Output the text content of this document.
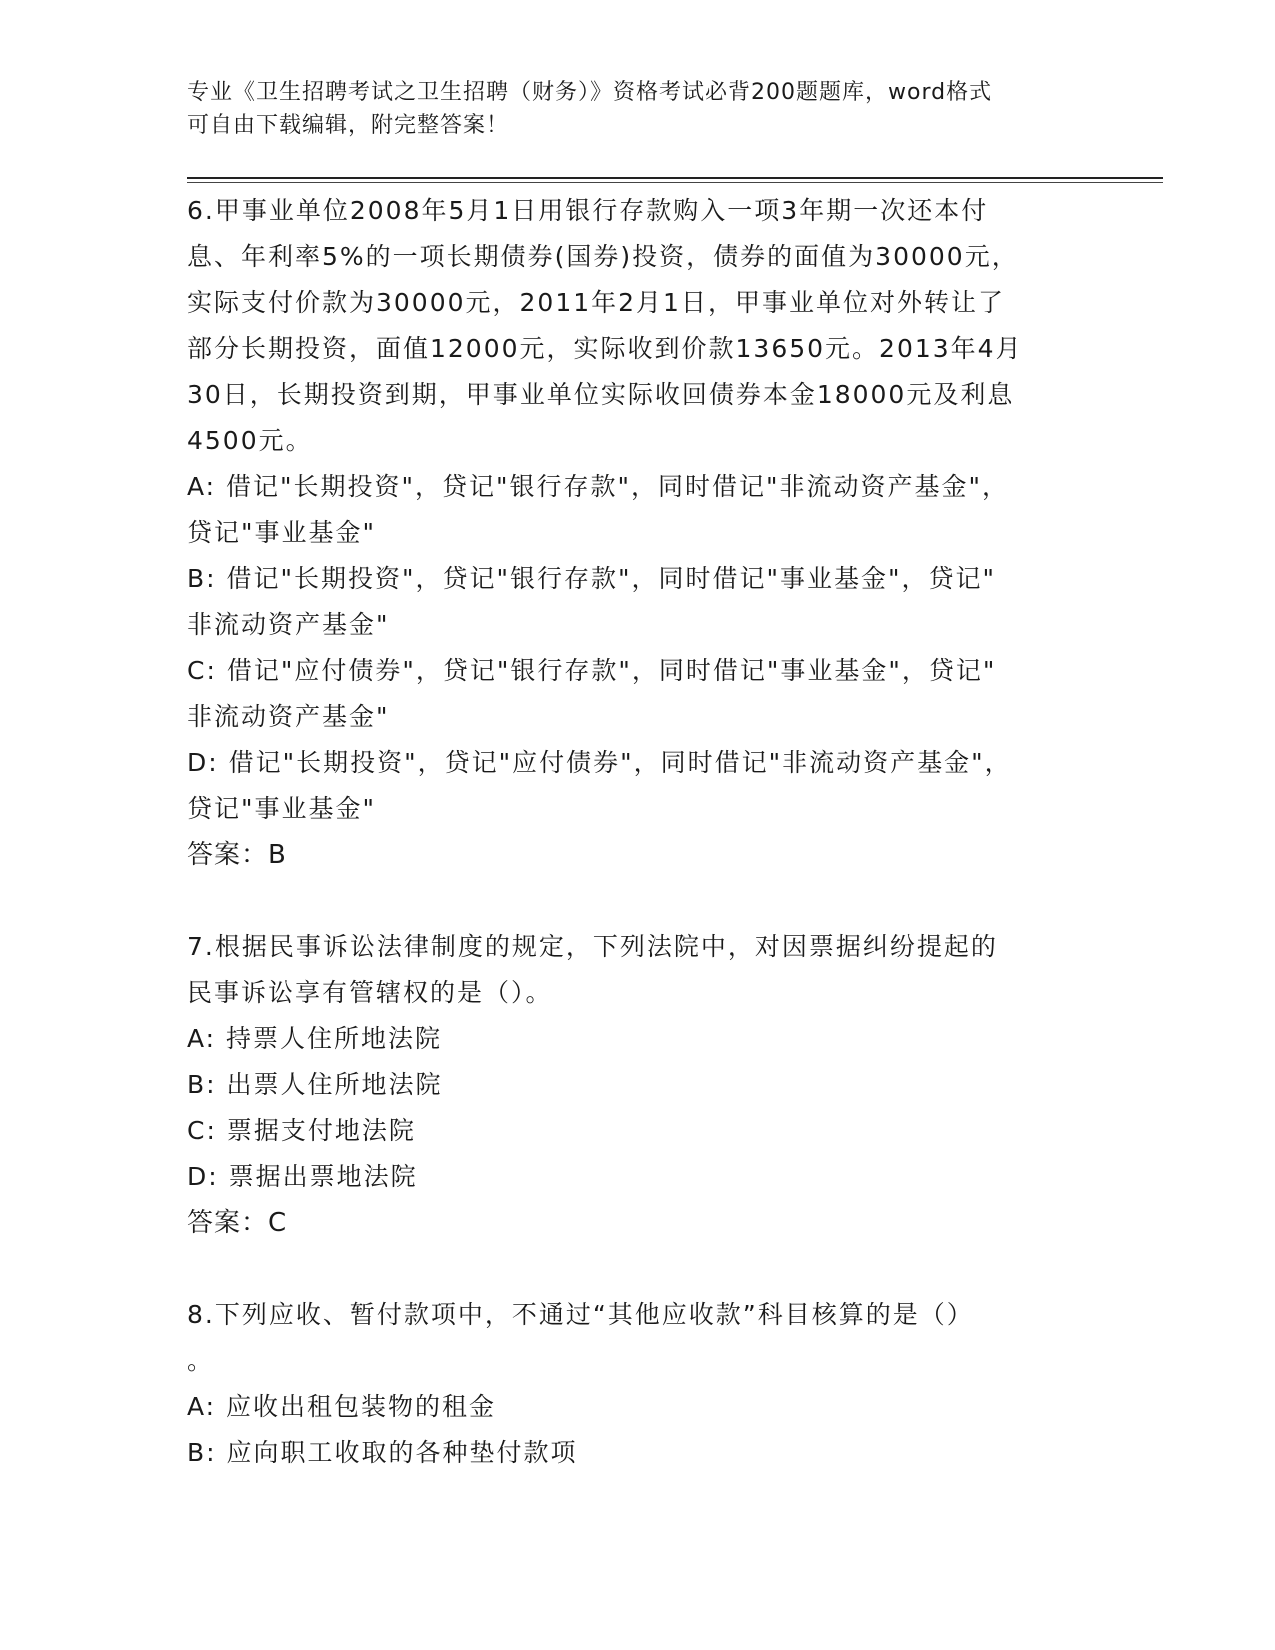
专业《卫生招聘考试之卫生招聘（财务）》资格考试必背200题题库，word格式
可自由下载编辑，附完整答案！
6.甲事业单位2008年5月1日用银行存款购入一项3年期一次还本付
息、年利率5%的一项长期债券(国券)投资，债券的面值为30000元，
实际支付价款为30000元，2011年2月1日，甲事业单位对外转让了
部分长期投资，面值12000元，实际收到价款13650元。2013年4月
30日，长期投资到期，甲事业单位实际收回债券本金18000元及利息
4500元。
A: 借记"长期投资"，贷记"银行存款"，同时借记"非流动资产基金"，
贷记"事业基金"
B: 借记"长期投资"，贷记"银行存款"，同时借记"事业基金"，贷记"
非流动资产基金"
C: 借记"应付债券"，贷记"银行存款"，同时借记"事业基金"，贷记"
非流动资产基金"
D: 借记"长期投资"，贷记"应付债券"，同时借记"非流动资产基金"，
贷记"事业基金"
答案：B
7.根据民事诉讼法律制度的规定，下列法院中，对因票据纠纷提起的
民事诉讼享有管辖权的是（）。
A: 持票人住所地法院
B: 出票人住所地法院
C: 票据支付地法院
D: 票据出票地法院
答案：C
8.下列应收、暂付款项中，不通过“其他应收款”科目核算的是（）
。
A: 应收出租包装物的租金
B: 应向职工收取的各种垫付款项
